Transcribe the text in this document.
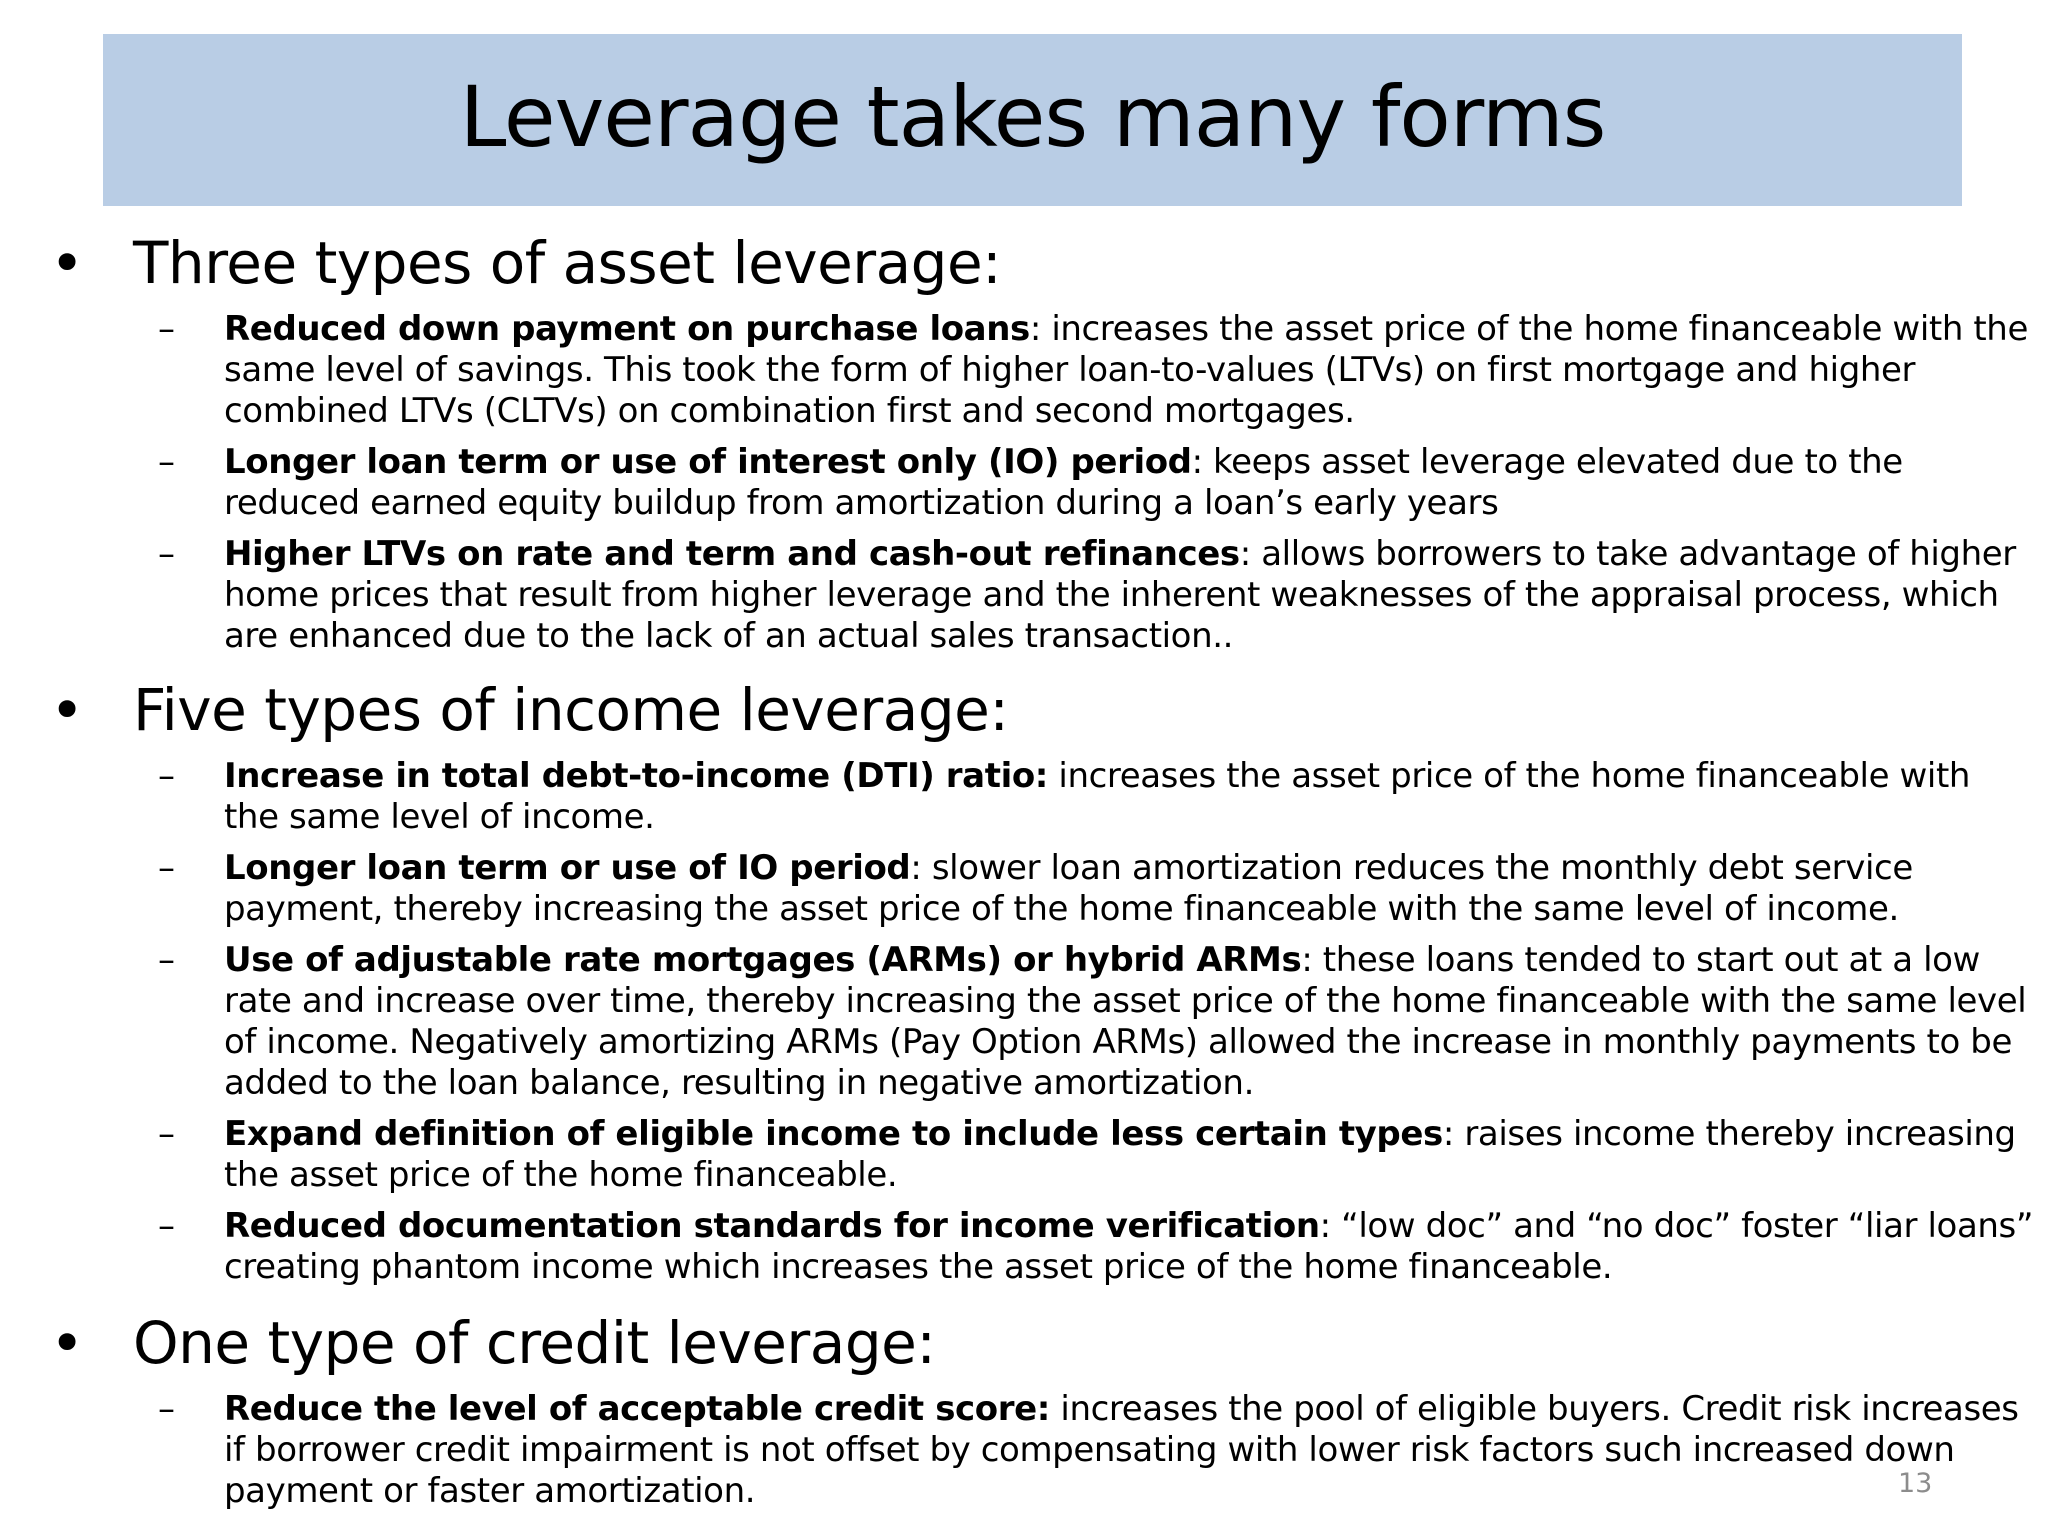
Leverage takes many forms
• Three types of asset leverage:
–	Reduced down payment on purchase loans: increases the asset price of the home financeable with the same level of savings. This took the form of higher loan-to-values (LTVs) on first mortgage and higher combined LTVs (CLTVs) on combination first and second mortgages.
–	Longer loan term or use of interest only (IO) period: keeps asset leverage elevated due to the reduced earned equity buildup from amortization during a loan’s early years
–	Higher LTVs on rate and term and cash-out refinances: allows borrowers to take advantage of higher home prices that result from higher leverage and the inherent weaknesses of the appraisal process, which are enhanced due to the lack of an actual sales transaction..
• Five types of income leverage:
–	Increase in total debt-to-income (DTI) ratio: increases the asset price of the home financeable with the same level of income.
–	Longer loan term or use of IO period: slower loan amortization reduces the monthly debt service payment, thereby increasing the asset price of the home financeable with the same level of income.
–	Use of adjustable rate mortgages (ARMs) or hybrid ARMs: these loans tended to start out at a low rate and increase over time, thereby increasing the asset price of the home financeable with the same level of income. Negatively amortizing ARMs (Pay Option ARMs) allowed the increase in monthly payments to be added to the loan balance, resulting in negative amortization.
–	Expand definition of eligible income to include less certain types: raises income thereby increasing the asset price of the home financeable.
–	Reduced documentation standards for income verification: “low doc” and “no doc” foster “liar loans” creating phantom income which increases the asset price of the home financeable.
• One type of credit leverage:
–	Reduce the level of acceptable credit score: increases the pool of eligible buyers. Credit risk increases if borrower credit impairment is not offset by compensating with lower risk factors such increased down payment or faster amortization.	13
